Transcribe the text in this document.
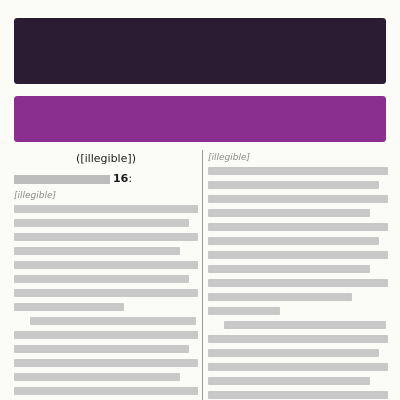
([illegible])
16:
[illegible]
[illegible]
